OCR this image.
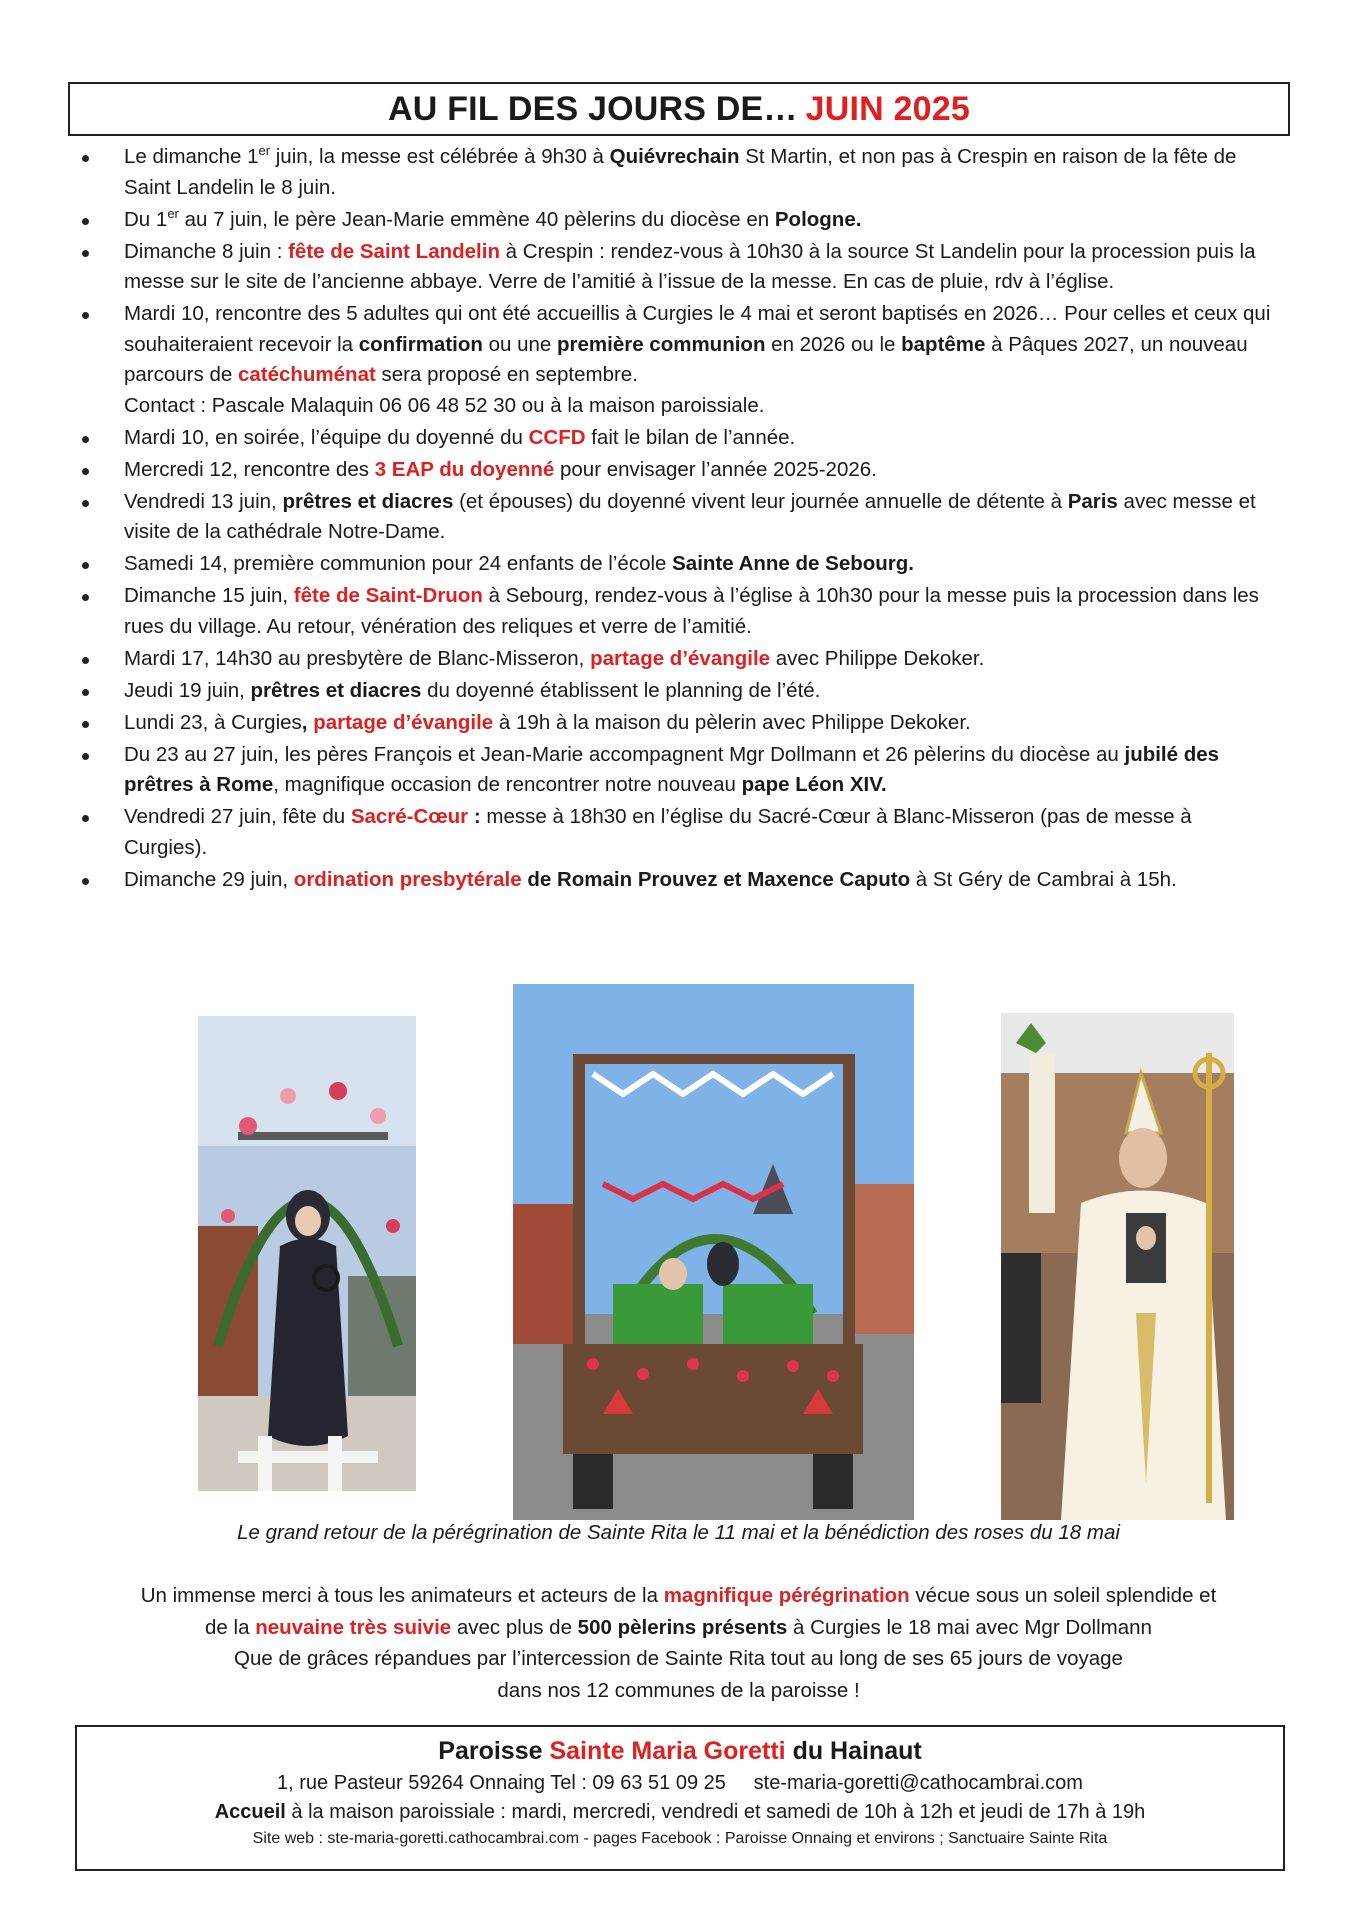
AU FIL DES JOURS DE… JUIN 2025
Le dimanche 1er juin, la messe est célébrée à 9h30 à Quiévrechain St Martin, et non pas à Crespin en raison de la fête de Saint Landelin le 8 juin.
Du 1er au 7 juin, le père Jean-Marie emmène 40 pèlerins du diocèse en Pologne.
Dimanche 8 juin : fête de Saint Landelin à Crespin : rendez-vous à 10h30 à la source St Landelin pour la procession puis la messe sur le site de l’ancienne abbaye. Verre de l’amitié à l’issue de la messe. En cas de pluie, rdv à l’église.
Mardi 10, rencontre des 5 adultes qui ont été accueillis à Curgies le 4 mai et seront baptisés en 2026… Pour celles et ceux qui souhaiteraient recevoir la confirmation ou une première communion en 2026 ou le baptême à Pâques 2027, un nouveau parcours de catéchuménat sera proposé en septembre.
Contact : Pascale Malaquin 06 06 48 52 30 ou à la maison paroissiale.
Mardi 10, en soirée, l’équipe du doyenné du CCFD fait le bilan de l’année.
Mercredi 12, rencontre des 3 EAP du doyenné pour envisager l’année 2025-2026.
Vendredi 13 juin, prêtres et diacres (et épouses) du doyenné vivent leur journée annuelle de détente à Paris avec messe et visite de la cathédrale Notre-Dame.
Samedi 14, première communion pour 24 enfants de l’école Sainte Anne de Sebourg.
Dimanche 15 juin, fête de Saint-Druon à Sebourg, rendez-vous à l’église à 10h30 pour la messe puis la procession dans les rues du village. Au retour, vénération des reliques et verre de l’amitié.
Mardi 17, 14h30 au presbytère de Blanc-Misseron, partage d’évangile avec Philippe Dekoker.
Jeudi 19 juin, prêtres et diacres du doyenné établissent le planning de l’été.
Lundi 23, à Curgies, partage d’évangile à 19h à la maison du pèlerin avec Philippe Dekoker.
Du 23 au 27 juin, les pères François et Jean-Marie accompagnent Mgr Dollmann et 26 pèlerins du diocèse au jubilé des prêtres à Rome, magnifique occasion de rencontrer notre nouveau pape Léon XIV.
Vendredi 27 juin, fête du Sacré-Cœur : messe à 18h30 en l’église du Sacré-Cœur à Blanc-Misseron (pas de messe à Curgies).
Dimanche 29 juin, ordination presbytérale de Romain Prouvez et Maxence Caputo à St Géry de Cambrai à 15h.
Le grand retour de la pérégrination de Sainte Rita le 11 mai et la bénédiction des roses du 18 mai
Un immense merci à tous les animateurs et acteurs de la magnifique pérégrination vécue sous un soleil splendide et
de la neuvaine très suivie avec plus de 500 pèlerins présents à Curgies le 18 mai avec Mgr Dollmann
Que de grâces répandues par l’intercession de Sainte Rita tout au long de ses 65 jours de voyage
dans nos 12 communes de la paroisse !
Paroisse Sainte Maria Goretti du Hainaut
1, rue Pasteur 59264 Onnaing Tel : 09 63 51 09 25     ste-maria-goretti@cathocambrai.com
Accueil à la maison paroissiale : mardi, mercredi, vendredi et samedi de 10h à 12h et jeudi de 17h à 19h
Site web : ste-maria-goretti.cathocambrai.com - pages Facebook : Paroisse Onnaing et environs ; Sanctuaire Sainte Rita
